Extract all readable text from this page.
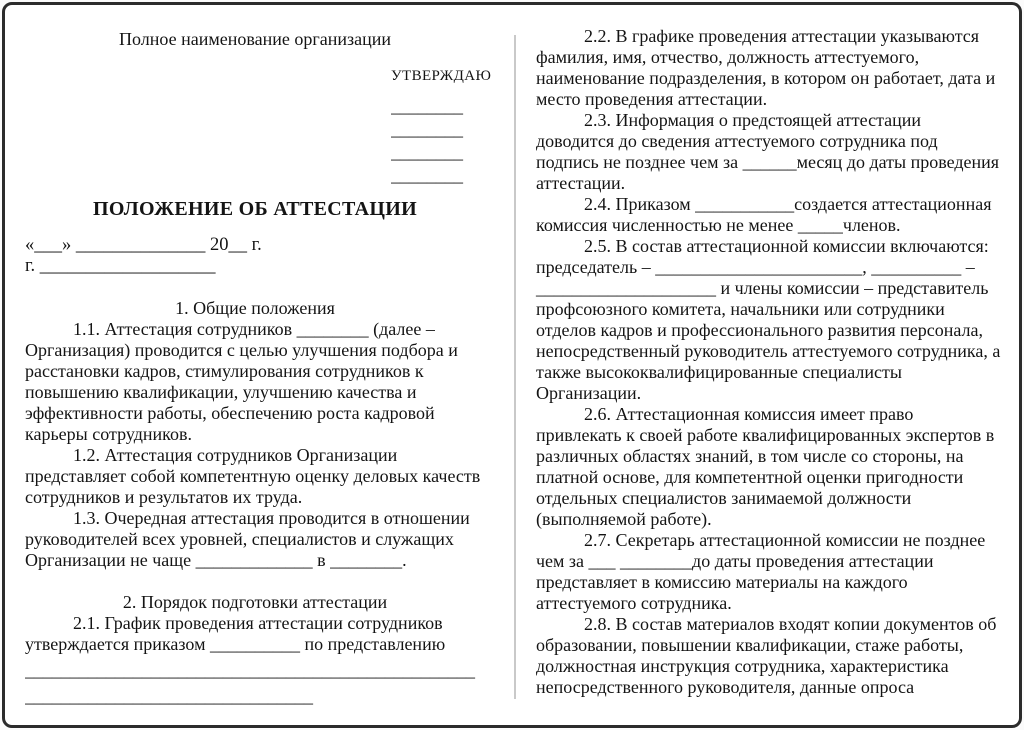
Полное наименование организации
УТВЕРЖДАЮ
________
________
________
________
ПОЛОЖЕНИЕ ОБ АТТЕСТАЦИИ
«___» ______________ 20__ г.
г. ___________________

1. Общие положения

1.1. Аттестация сотрудников ________ (далее – Организация) проводится с целью улучшения подбора и расстановки кадров, стимулирования сотрудников к повышению квалификации, улучшению качества и эффективности работы, обеспечению роста кадровой карьеры сотрудников.

1.2. Аттестация сотрудников Организации представляет собой компетентную оценку деловых качеств сотрудников и результатов их труда.

1.3. Очередная аттестация проводится в отношении руководителей всех уровней, специалистов и служащих Организации не чаще _____________ в ________.

2. Порядок подготовки аттестации

2.1. График проведения аттестации сотрудников утверждается приказом __________ по представлению

__________________________________________________

________________________________

2.2. В графике проведения аттестации указываются фамилия, имя, отчество, должность аттестуемого, наименование подразделения, в котором он работает, дата и место проведения аттестации.

2.3. Информация о предстоящей аттестации доводится до сведения аттестуемого сотрудника под подпись не позднее чем за ______месяц до даты проведения аттестации.

2.4. Приказом ___________создается аттестационная комиссия численностью не менее _____членов.

2.5. В состав аттестационной комиссии включаются: председатель – _______________________, __________ – ____________________ и члены комиссии – представитель профсоюзного комитета, начальники или сотрудники отделов кадров и профессионального развития персонала, непосредственный руководитель аттестуемого сотрудника, а также высококвалифицированные специалисты Организации.

2.6. Аттестационная комиссия имеет право привлекать к своей работе квалифицированных экспертов в различных областях знаний, в том числе со стороны, на платной основе, для компетентной оценки пригодности отдельных специалистов занимаемой должности (выполняемой работе).

2.7. Секретарь аттестационной комиссии не позднее чем за ___ ________до даты проведения аттестации представляет в комиссию материалы на каждого аттестуемого сотрудника.

2.8. В состав материалов входят копии документов об образовании, повышении квалификации, стаже работы, должностная инструкция сотрудника, характеристика непосредственного руководителя, данные опроса
